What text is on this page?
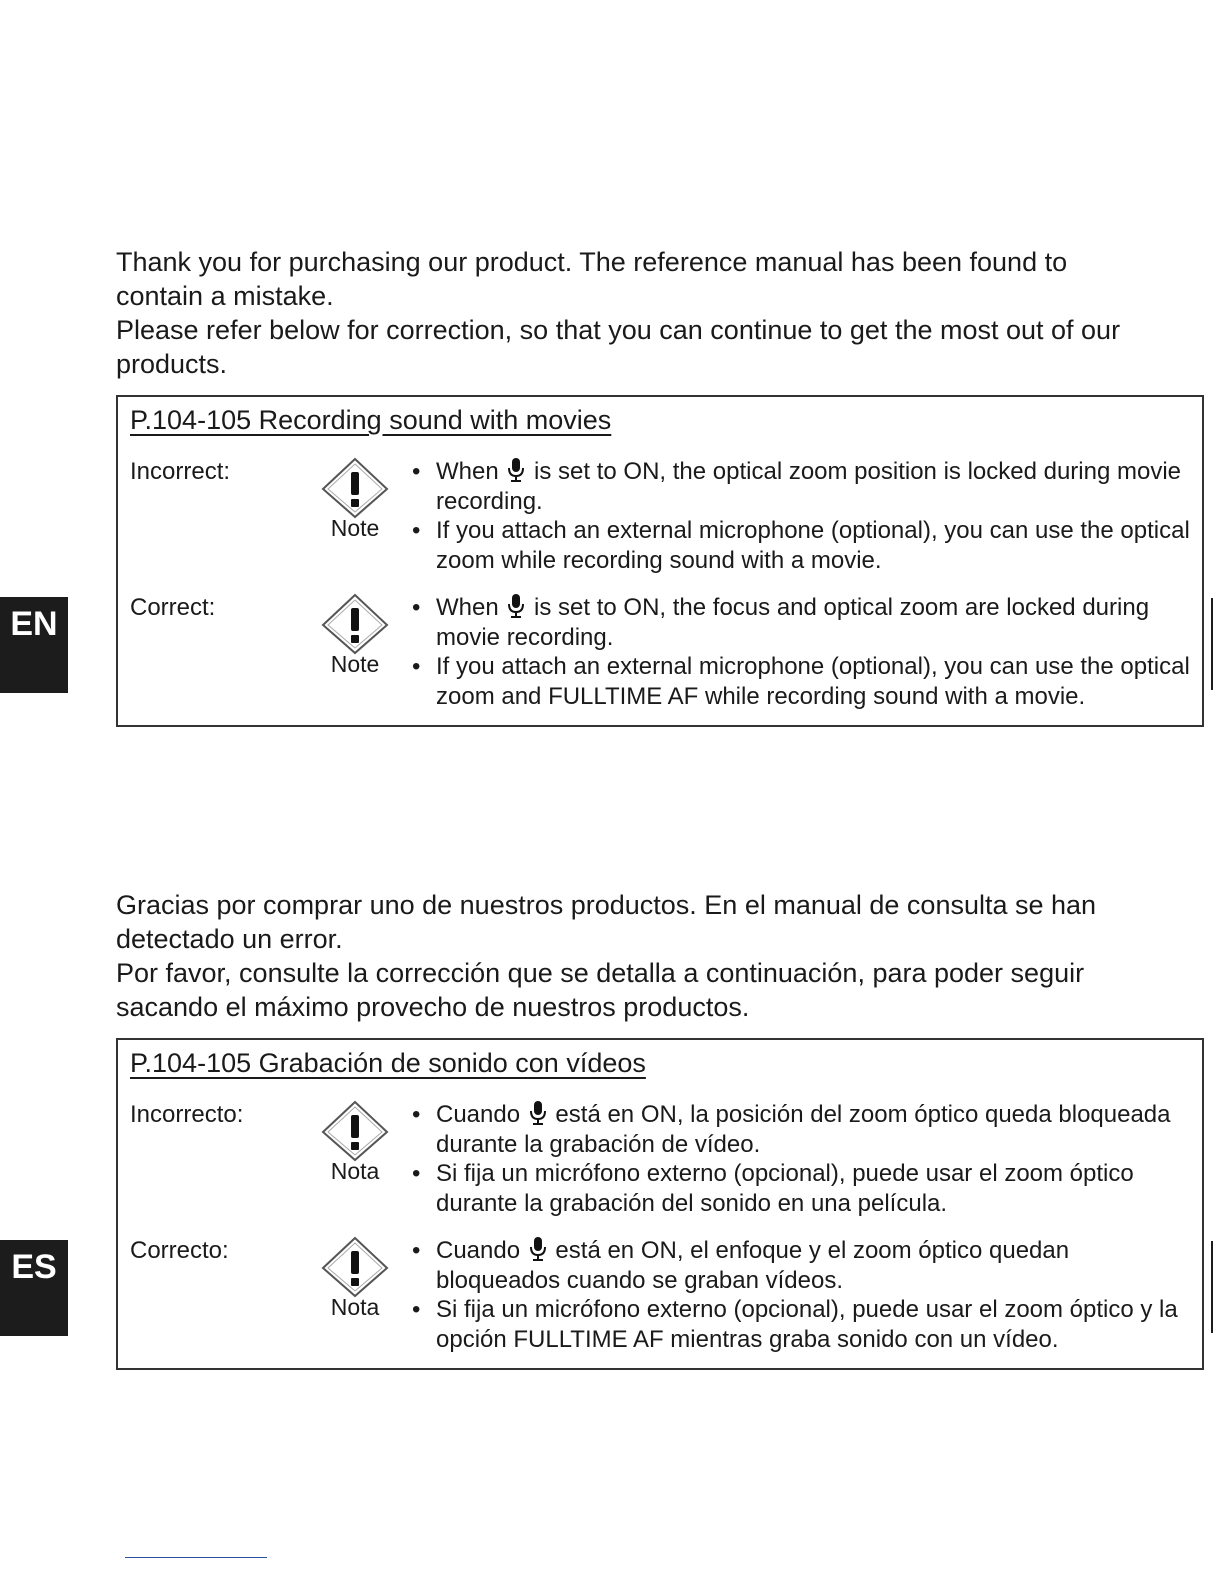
EN
ES

Thank you for purchasing our product. The reference manual has been found to
contain a mistake.
Please refer below for correction, so that you can continue to get the most out of our
products.

P.104-105 Recording sound with movies

Incorrect:
Note
• When is set to ON, the optical zoom position is locked during movie recording.
• If you attach an external microphone (optional), you can use the optical zoom while recording sound with a movie.
Correct:
Note
• When is set to ON, the focus and optical zoom are locked during movie recording.
• If you attach an external microphone (optional), you can use the optical zoom and FULLTIME AF while recording sound with a movie.

Gracias por comprar uno de nuestros productos. En el manual de consulta se han
detectado un error.
Por favor, consulte la corrección que se detalla a continuación, para poder seguir
sacando el máximo provecho de nuestros productos.

P.104-105 Grabación de sonido con vídeos

Incorrecto:
Nota
• Cuando está en ON, la posición del zoom óptico queda bloqueada durante la grabación de vídeo.
• Si fija un micrófono externo (opcional), puede usar el zoom óptico durante la grabación del sonido en una película.
Correcto:
Nota
• Cuando está en ON, el enfoque y el zoom óptico quedan bloqueados cuando se graban vídeos.
• Si fija un micrófono externo (opcional), puede usar el zoom óptico y la opción FULLTIME AF mientras graba sonido con un vídeo.
